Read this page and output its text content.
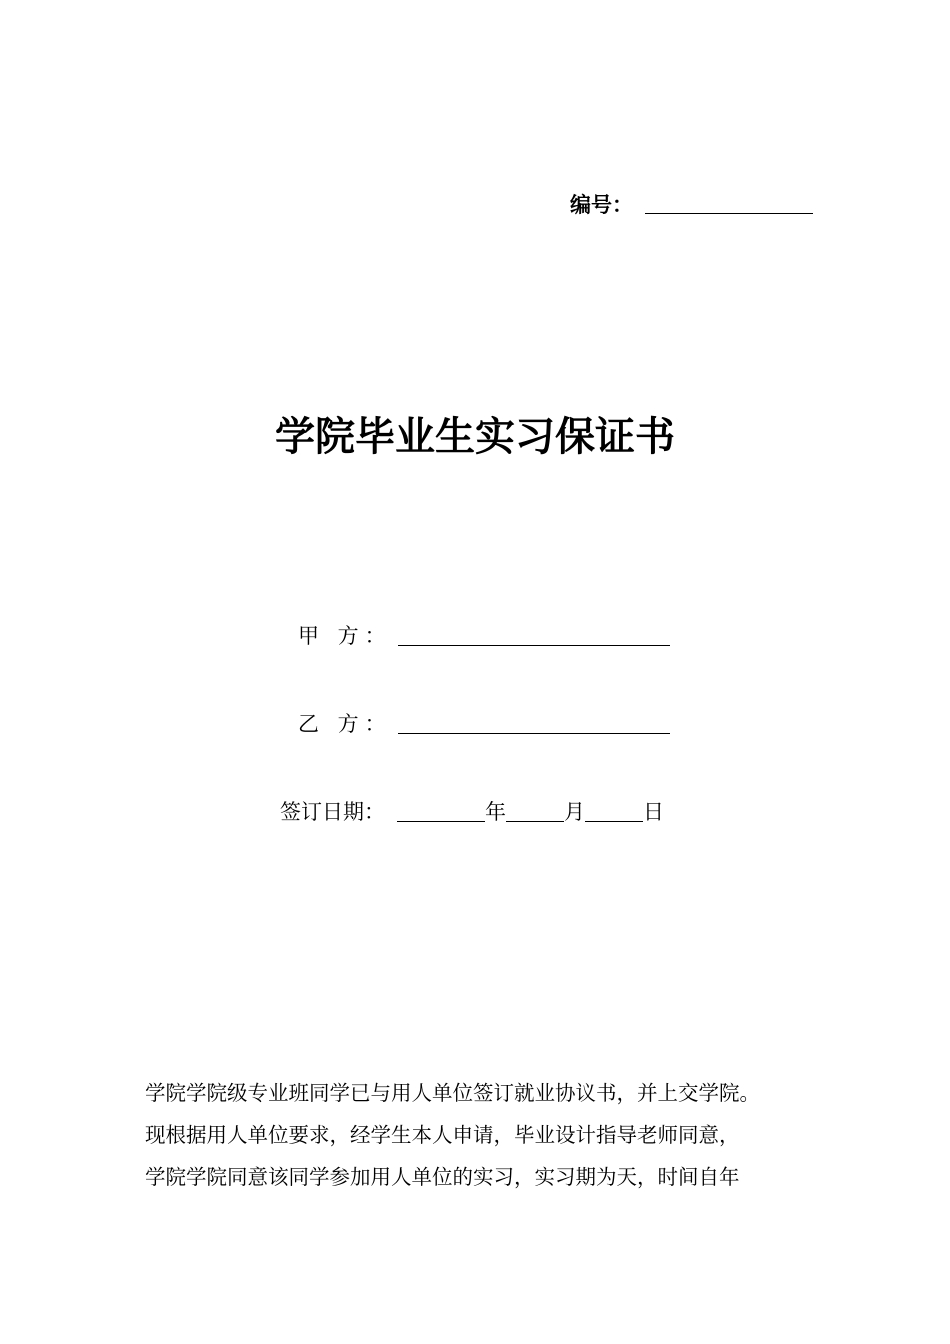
编号：
学院毕业生实习保证书
甲 方：
乙 方：
签订日期：	年	月	日

学院学院级专业班同学已与用人单位签订就业协议书，并上交学院。

现根据用人单位要求，经学生本人申请，毕业设计指导老师同意，

学院学院同意该同学参加用人单位的实习，实习期为天，时间自年
